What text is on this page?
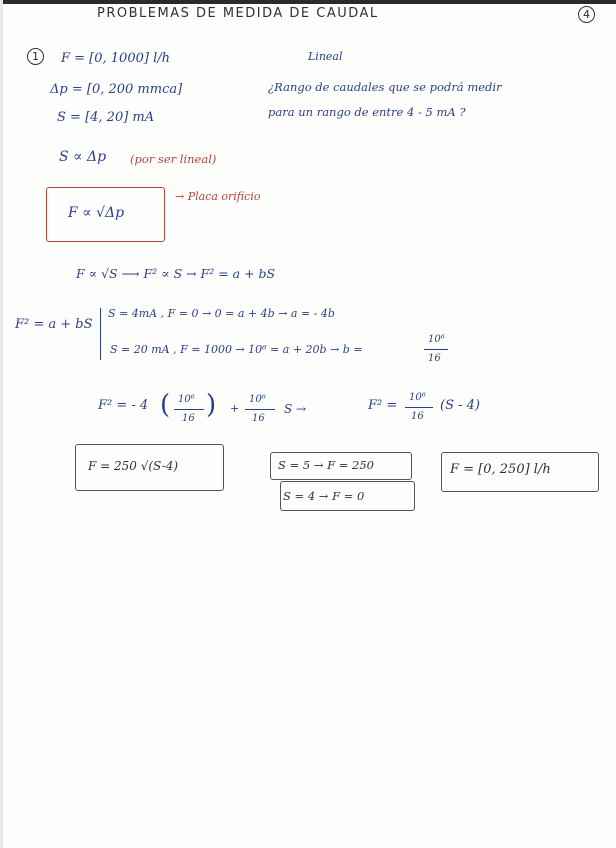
PROBLEMAS DE MEDIDA DE CAUDAL	4
1	F = [0, 1000] l/h	Lineal
Δp = [0, 200 mmca]
S = [4, 20] mA
¿Rango de caudales que se podrá medir
para un rango de entre 4 - 5 mA ?
S ∝ Δp (por ser lineal)
F ∝ √Δp
→ Placa orificio
F ∝ √S ⟶ F² ∝ S → F² = a + bS
F² = a + bS
S = 4mA , F = 0 → 0 = a + 4b → a = - 4b
S = 20 mA , F = 1000 → 10⁶ = a + 20b → b =
10⁶
16
F² = - 4 ( 10⁶
16 ) +
10⁶
16
S →	F² =
10⁶
16
(S - 4)
F = 250 √(S-4)	S = 5 → F = 250
S = 4 → F = 0
F = [0, 250] l/h
